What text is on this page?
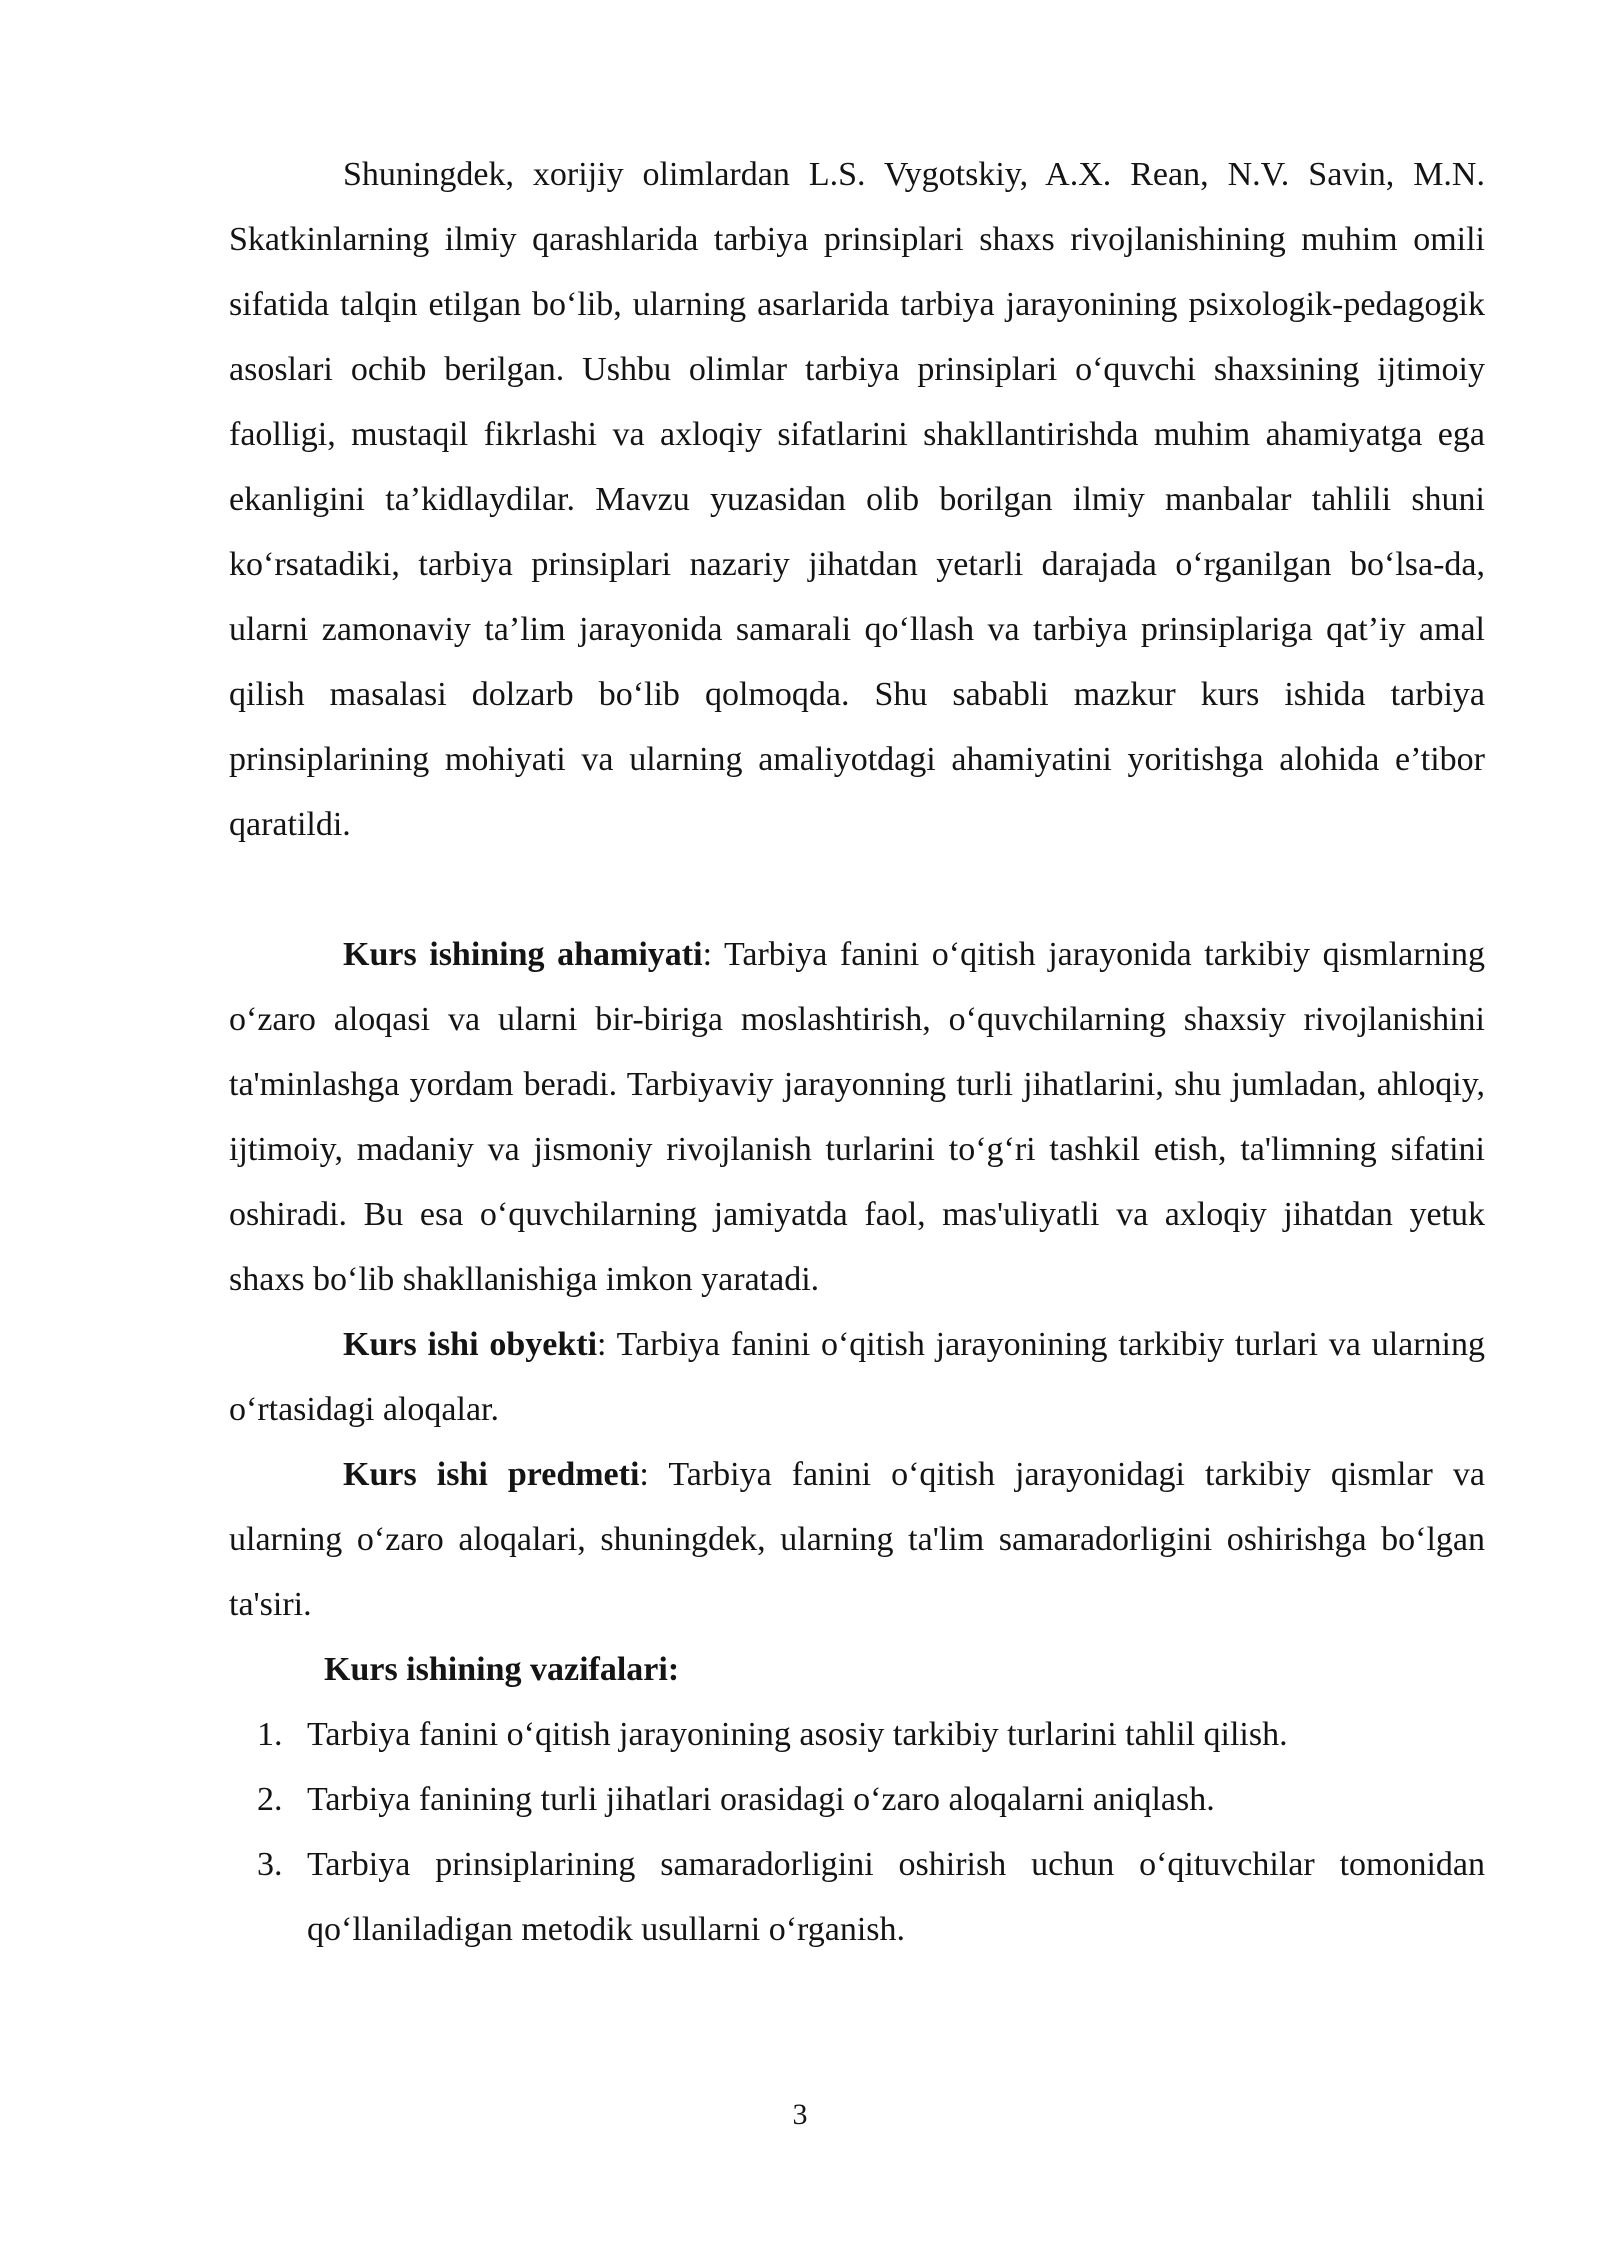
Shuningdek, xorijiy olimlardan L.S. Vygotskiy, A.X. Rean, N.V. Savin, M.N. Skatkinlarning ilmiy qarashlarida tarbiya prinsiplari shaxs rivojlanishining muhim omili sifatida talqin etilgan bo‘lib, ularning asarlarida tarbiya jarayonining psixologik-pedagogik asoslari ochib berilgan. Ushbu olimlar tarbiya prinsiplari o‘quvchi shaxsining ijtimoiy faolligi, mustaqil fikrlashi va axloqiy sifatlarini shakllantirishda muhim ahamiyatga ega ekanligini ta’kidlaydilar. Mavzu yuzasidan olib borilgan ilmiy manbalar tahlili shuni ko‘rsatadiki, tarbiya prinsiplari nazariy jihatdan yetarli darajada o‘rganilgan bo‘lsa-da, ularni zamonaviy ta’lim jarayonida samarali qo‘llash va tarbiya prinsiplariga qat’iy amal qilish masalasi dolzarb bo‘lib qolmoqda. Shu sababli mazkur kurs ishida tarbiya prinsiplarining mohiyati va ularning amaliyotdagi ahamiyatini yoritishga alohida e’tibor qaratildi.

Kurs ishining ahamiyati: Tarbiya fanini o‘qitish jarayonida tarkibiy qismlarning o‘zaro aloqasi va ularni bir-biriga moslashtirish, o‘quvchilarning shaxsiy rivojlanishini ta'minlashga yordam beradi. Tarbiyaviy jarayonning turli jihatlarini, shu jumladan, ahloqiy, ijtimoiy, madaniy va jismoniy rivojlanish turlarini to‘g‘ri tashkil etish, ta'limning sifatini oshiradi. Bu esa o‘quvchilarning jamiyatda faol, mas'uliyatli va axloqiy jihatdan yetuk shaxs bo‘lib shakllanishiga imkon yaratadi.

Kurs ishi obyekti: Tarbiya fanini o‘qitish jarayonining tarkibiy turlari va ularning o‘rtasidagi aloqalar.

Kurs ishi predmeti: Tarbiya fanini o‘qitish jarayonidagi tarkibiy qismlar va ularning o‘zaro aloqalari, shuningdek, ularning ta'lim samaradorligini oshirishga bo‘lgan ta'siri.

Kurs ishining vazifalari:
1. Tarbiya fanini o‘qitish jarayonining asosiy tarkibiy turlarini tahlil qilish.
2. Tarbiya fanining turli jihatlari orasidagi o‘zaro aloqalarni aniqlash.
3. Tarbiya prinsiplarining samaradorligini oshirish uchun o‘qituvchilar tomonidan qo‘llaniladigan metodik usullarni o‘rganish.
3
